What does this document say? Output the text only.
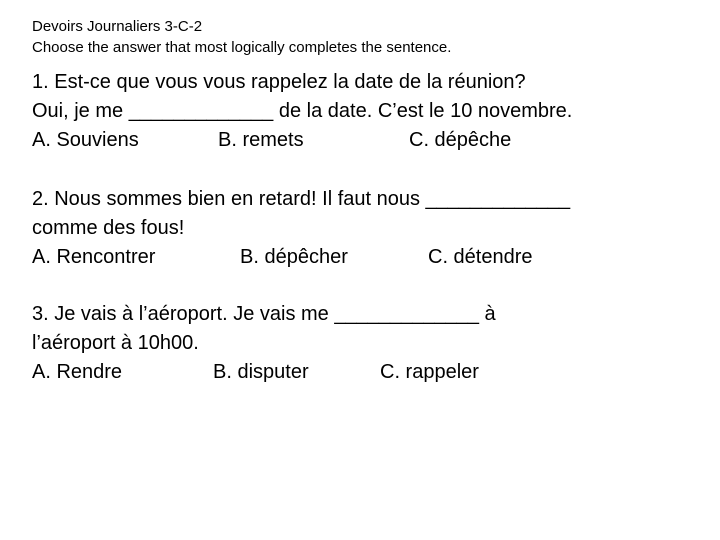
Devoirs Journaliers 3-C-2
Choose the answer that most logically completes the sentence.
1. Est-ce que vous vous rappelez la date de la réunion?
Oui, je me _____________ de la date. C’est le 10 novembre.
A. Souviens	B. remets	C. dépêche
2. Nous sommes bien en retard! Il faut nous _____________
comme des fous!
A. Rencontrer	B. dépêcher	C. détendre
3. Je vais à l’aéroport. Je vais me _____________ à
l’aéroport à 10h00.
A. Rendre	B. disputer	C. rappeler
